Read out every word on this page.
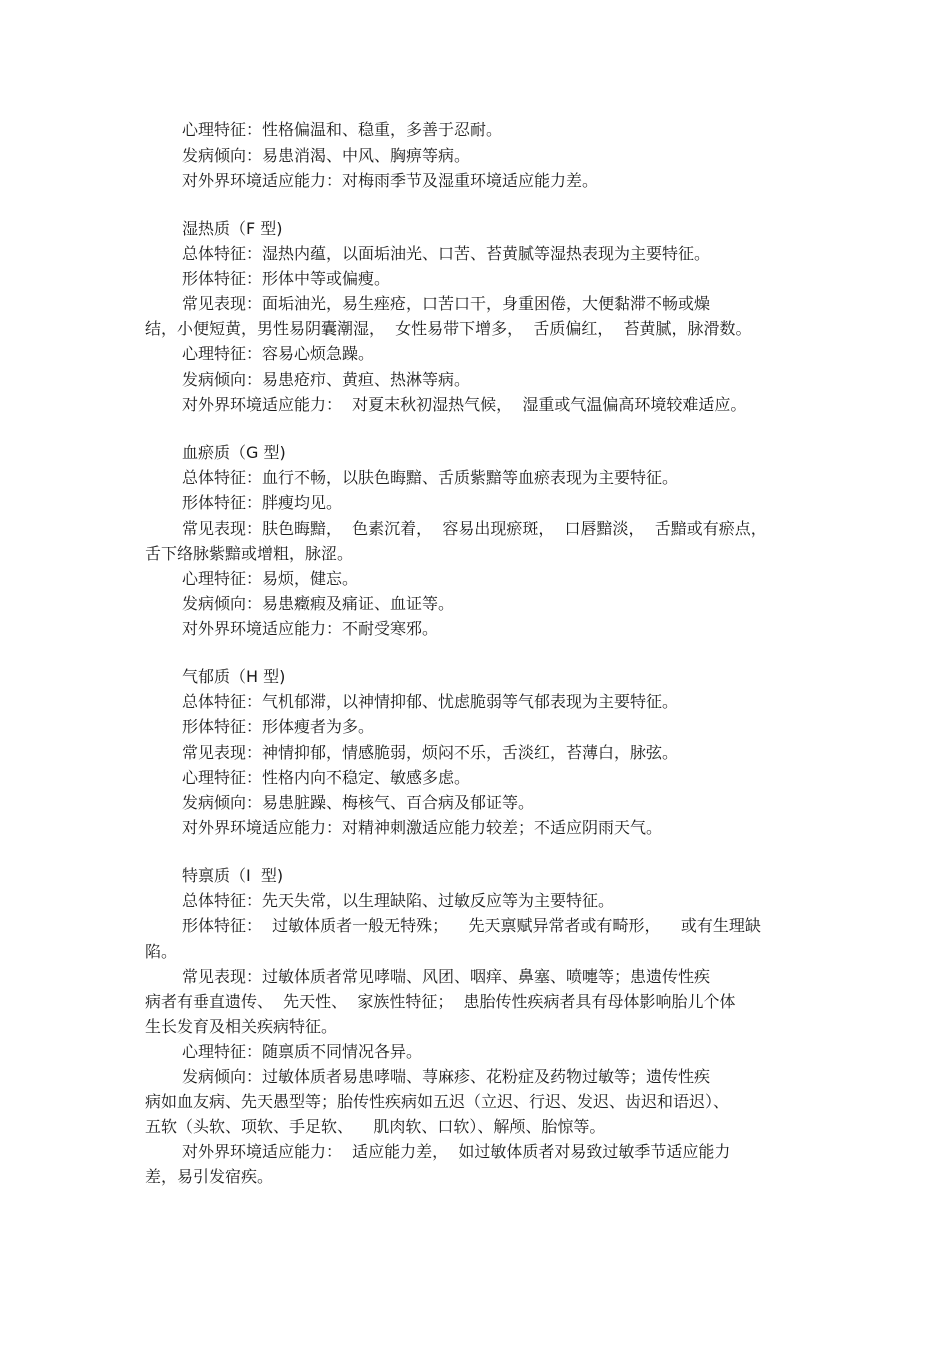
心理特征：性格偏温和、稳重，多善于忍耐。
发病倾向：易患消渴、中风、胸痹等病。
对外界环境适应能力：对梅雨季节及湿重环境适应能力差。
湿热质（F 型)
总体特征：湿热内蕴，以面垢油光、口苦、苔黄腻等湿热表现为主要特征。
形体特征：形体中等或偏瘦。
常见表现：面垢油光，易生痤疮，口苦口干，身重困倦，大便黏滞不畅或燥
结，小便短黄，男性易阴囊潮湿，  女性易带下增多，  舌质偏红，  苔黄腻，脉滑数。
心理特征：容易心烦急躁。
发病倾向：易患疮疖、黄疸、热淋等病。
对外界环境适应能力：  对夏末秋初湿热气候，  湿重或气温偏高环境较难适应。
血瘀质（G 型)
总体特征：血行不畅，以肤色晦黯、舌质紫黯等血瘀表现为主要特征。
形体特征：胖瘦均见。
常见表现：肤色晦黯，  色素沉着，  容易出现瘀斑，  口唇黯淡，  舌黯或有瘀点，
舌下络脉紫黯或增粗，脉涩。
心理特征：易烦，健忘。
发病倾向：易患癥瘕及痛证、血证等。
对外界环境适应能力：不耐受寒邪。
气郁质（H 型)
总体特征：气机郁滞，以神情抑郁、忧虑脆弱等气郁表现为主要特征。
形体特征：形体瘦者为多。
常见表现：神情抑郁，情感脆弱，烦闷不乐，舌淡红，苔薄白，脉弦。
心理特征：性格内向不稳定、敏感多虑。
发病倾向：易患脏躁、梅核气、百合病及郁证等。
对外界环境适应能力：对精神刺激适应能力较差；不适应阴雨天气。
特禀质（I  型)
总体特征：先天失常，以生理缺陷、过敏反应等为主要特征。
形体特征：  过敏体质者一般无特殊；    先天禀赋异常者或有畸形，    或有生理缺
陷。
常见表现：过敏体质者常见哮喘、风团、咽痒、鼻塞、喷嚏等；患遗传性疾
病者有垂直遗传、  先天性、  家族性特征；  患胎传性疾病者具有母体影响胎儿个体
生长发育及相关疾病特征。
心理特征：随禀质不同情况各异。
发病倾向：过敏体质者易患哮喘、荨麻疹、花粉症及药物过敏等；遗传性疾
病如血友病、先天愚型等；胎传性疾病如五迟（立迟、行迟、发迟、齿迟和语迟）、
五软（头软、项软、手足软、    肌肉软、口软）、解颅、胎惊等。
对外界环境适应能力：  适应能力差，  如过敏体质者对易致过敏季节适应能力
差，易引发宿疾。
